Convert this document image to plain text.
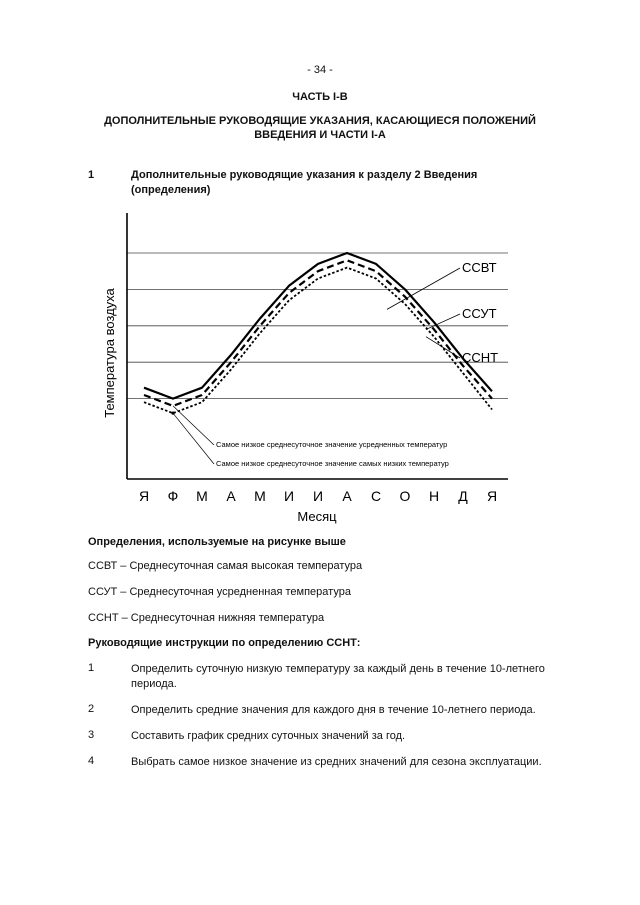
- 34 -
ЧАСТЬ I-B
ДОПОЛНИТЕЛЬНЫЕ РУКОВОДЯЩИЕ УКАЗАНИЯ, КАСАЮЩИЕСЯ ПОЛОЖЕНИЙ
ВВЕДЕНИЯ И ЧАСТИ I-A
1	Дополнительные руководящие указания к разделу 2 Введения
(определения)
Температура воздуха
ССВТ
ССУТ
ССНТ
Самое низкое среднесуточное значение усредненных температур
Самое низкое среднесуточное значение самых низких температур
Я Ф М А М И И А С О Н Д Я
Месяц
Определения, используемые на рисунке выше
ССВТ – Среднесуточная самая высокая температура
ССУТ – Среднесуточная усредненная температура
ССНТ – Среднесуточная нижняя температура
Руководящие инструкции по определению ССНТ:
1	Определить суточную низкую температуру за каждый день в течение 10-летнего периода.
2	Определить средние значения для каждого дня в течение 10-летнего периода.
3	Составить график средних суточных значений за год.
4	Выбрать самое низкое значение из средних значений для сезона эксплуатации.
